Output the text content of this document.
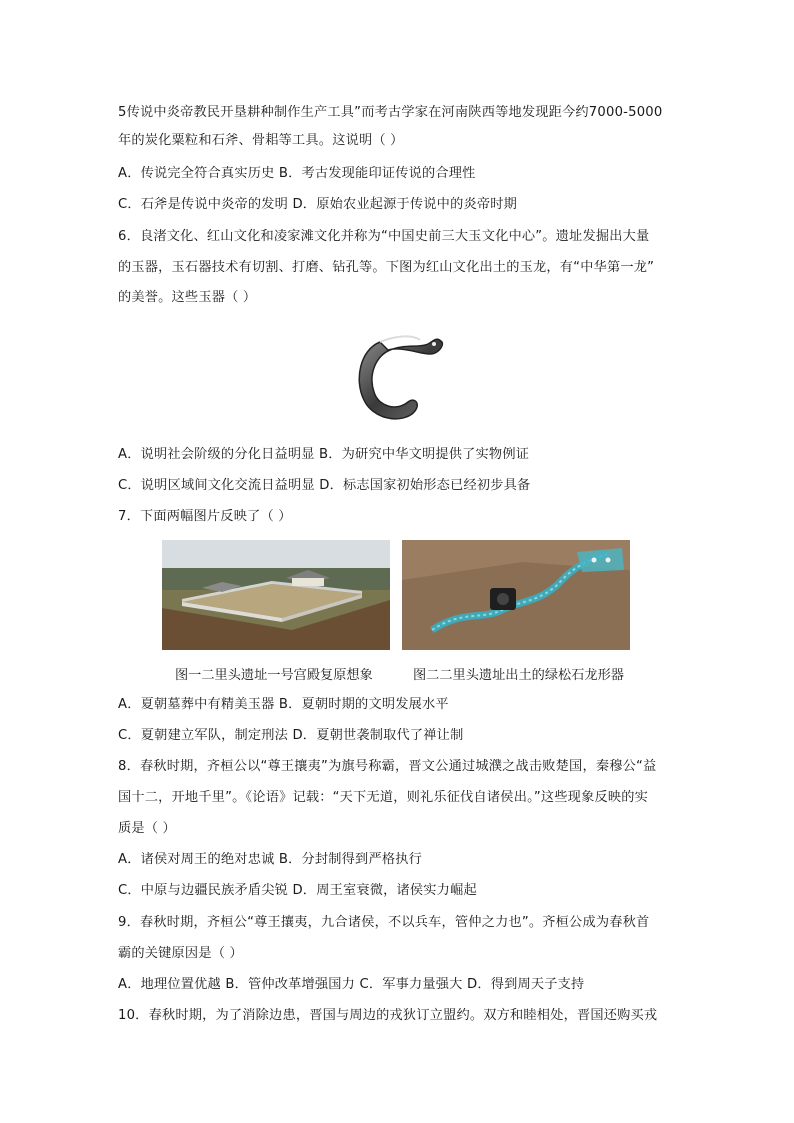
5传说中炎帝教民开垦耕种制作生产工具”而考古学家在河南陕西等地发现距今约7000-5000
年的炭化粟粒和石斧、骨耜等工具。这说明（ ）
A．传说完全符合真实历史 B．考古发现能印证传说的合理性
C．石斧是传说中炎帝的发明 D．原始农业起源于传说中的炎帝时期
6．良渚文化、红山文化和凌家滩文化并称为“中国史前三大玉文化中心”。遗址发掘出大量
的玉器，玉石器技术有切割、打磨、钻孔等。下图为红山文化出土的玉龙，有“中华第一龙”
的美誉。这些玉器（ ）
A．说明社会阶级的分化日益明显 B．为研究中华文明提供了实物例证
C．说明区域间文化交流日益明显 D．标志国家初始形态已经初步具备
7．下面两幅图片反映了（ ）
图一二里头遗址一号宫殿复原想象	图二二里头遗址出土的绿松石龙形器
A．夏朝墓葬中有精美玉器 B．夏朝时期的文明发展水平
C．夏朝建立军队，制定刑法 D．夏朝世袭制取代了禅让制
8．春秋时期，齐桓公以“尊王攘夷”为旗号称霸，晋文公通过城濮之战击败楚国，秦穆公“益
国十二，开地千里”。《论语》记载：“天下无道，则礼乐征伐自诸侯出。”这些现象反映的实
质是（ ）
A．诸侯对周王的绝对忠诚 B．分封制得到严格执行
C．中原与边疆民族矛盾尖锐 D．周王室衰微，诸侯实力崛起
9．春秋时期，齐桓公“尊王攘夷，九合诸侯，不以兵车，管仲之力也”。齐桓公成为春秋首
霸的关键原因是（ ）
A．地理位置优越 B．管仲改革增强国力 C．军事力量强大 D．得到周天子支持
10．春秋时期，为了消除边患，晋国与周边的戎狄订立盟约。双方和睦相处，晋国还购买戎
